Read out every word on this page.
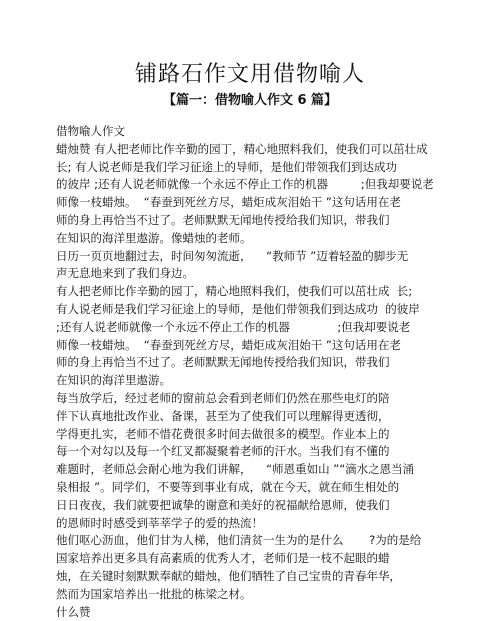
铺路石作文用借物喻人
【篇一：借物喻人作文 6 篇】
借物喻人作文
蜡烛赞 有人把老师比作辛勤的园丁，精心地照料我们，使我们可以茁壮成
长; 有人说老师是我们学习征途上的导师，是他们带领我们到达成功
的彼岸 ;还有人说老师就像一个永远不停止工作的机器         ;但我却要说老
师像一枝蜡烛。  “春蚕到死丝方尽，蜡炬成灰泪始干 ”这句话用在老
师的身上再恰当不过了。老师默默无闻地传授给我们知识，带我们
在知识的海洋里遨游。像蜡烛的老师。
日历一页页地翻过去，时间匆匆流逝，    “教师节 ”迈着轻盈的脚步无
声无息地来到了我们身边。
有人把老师比作辛勤的园丁，精心地照料我们，使我们可以茁壮成  长;
有人说老师是我们学习征途上的导师，是他们带领我们到达成功  的彼岸
;还有人说老师就像一个永远不停止工作的机器             ;但我却要说老
师像一枝蜡烛。  “春蚕到死丝方尽，蜡炬成灰泪始干 ”这句话用在老
师的身上再恰当不过了。老师默默无闻地传授给我们知识，带我们
在知识的海洋里遨游。
每当放学后，经过老师的窗前总会看到老师们仍然在那些电灯的陪
伴下认真地批改作业、备课，甚至为了使我们可以理解得更透彻，
学得更扎实，老师不惜花费很多时间去做很多的模型。作业本上的
每一个对勾以及每一个红叉都凝聚着老师的汗水。当我们有不懂的
难题时，老师总会耐心地为我们讲解，    “师恩重如山 ”“滴水之恩当涌
泉相报 ”。同学们，不要等到事业有成，就在今天，就在师生相处的
日日夜夜，我们就要把诚挚的谢意和美好的祝福献给恩师，使我们
的恩师时时感受到莘莘学子的爱的热流！
他们呕心沥血，他们甘为人梯，他们清贫一生为的是什么       ?为的是给
国家培养出更多具有高素质的优秀人才，老师们是一枝不起眼的蜡
烛，在关键时刻默默奉献的蜡烛，他们牺牲了自己宝贵的青春年华，
然而为国家培养出一批批的栋梁之材。
什么赞
